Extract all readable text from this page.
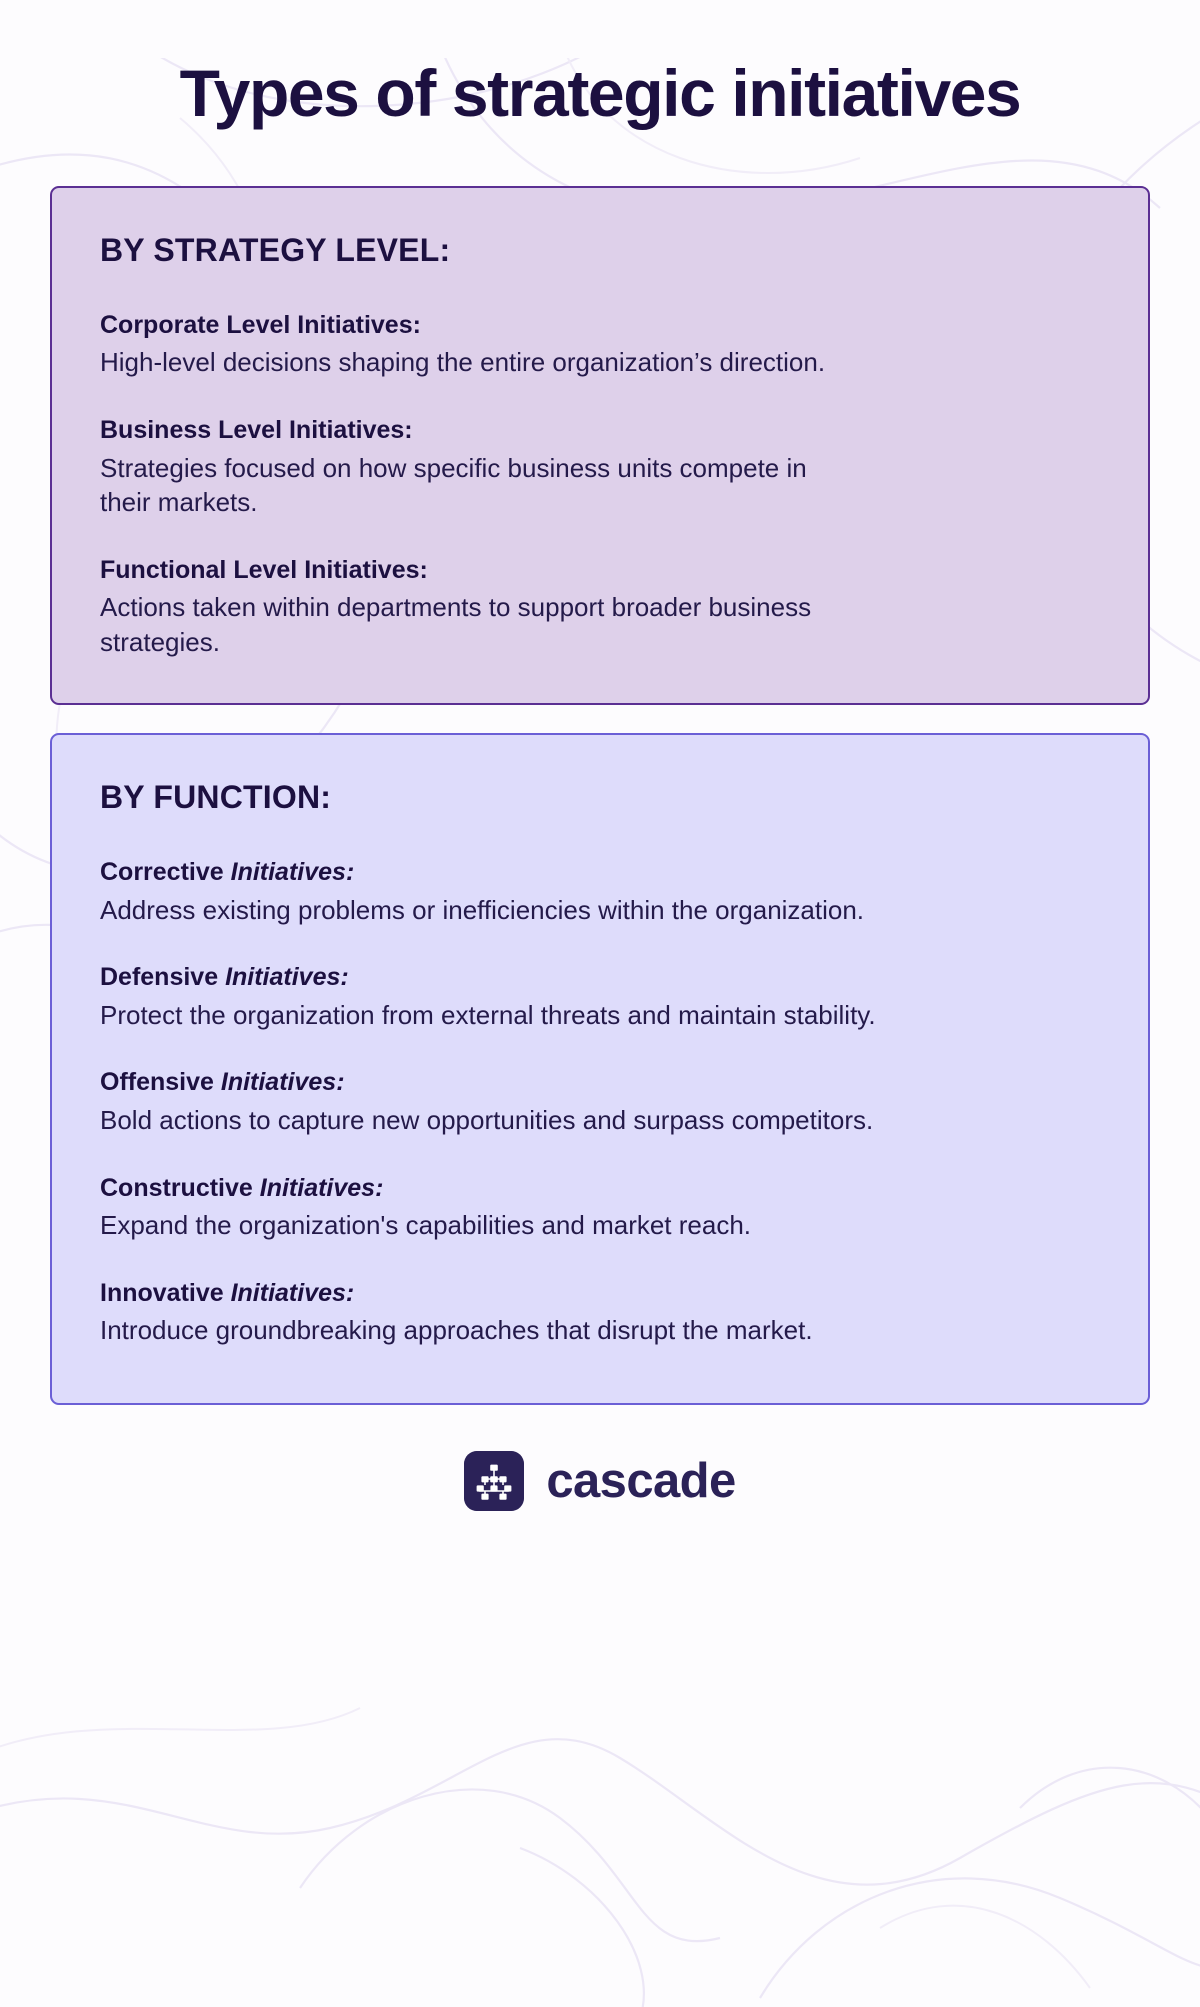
Types of strategic initiatives
BY STRATEGY LEVEL:
Corporate Level Initiatives:
High-level decisions shaping the entire organization’s direction.
Business Level Initiatives:
Strategies focused on how specific business units compete in their markets.
Functional Level Initiatives:
Actions taken within departments to support broader business strategies.
BY FUNCTION:
Corrective Initiatives:
Address existing problems or inefficiencies within the organization.
Defensive Initiatives:
Protect the organization from external threats and maintain stability.
Offensive Initiatives:
Bold actions to capture new opportunities and surpass competitors.
Constructive Initiatives:
Expand the organization's capabilities and market reach.
Innovative Initiatives:
Introduce groundbreaking approaches that disrupt the market.
cascade
